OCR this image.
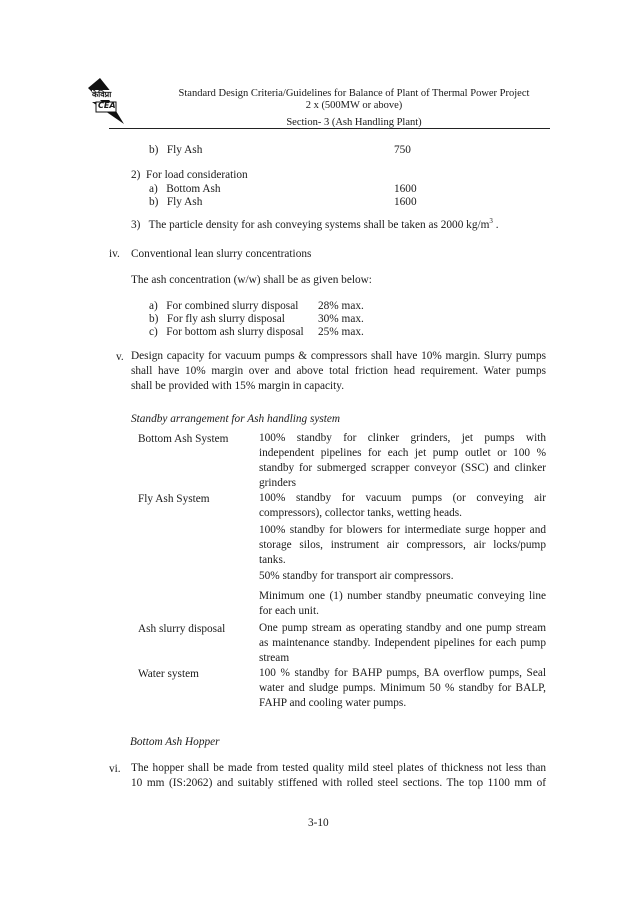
केविप्रा
CEA
Standard Design Criteria/Guidelines for Balance of Plant of Thermal Power Project
2 x (500MW or above)
Section- 3 (Ash Handling Plant)
b)   Fly Ash	750
2)  For load consideration
a)   Bottom Ash	1600
b)   Fly Ash	1600
3)   The particle density for ash conveying systems shall be taken as 2000 $kg/m^3$ .
iv. Conventional lean slurry concentrations
The ash concentration (w/w) shall be as given below:
a)   For combined slurry disposal 28% max.
b)   For fly ash slurry disposal	30% max.
c)   For bottom ash slurry disposal 25% max.
v. Design capacity for vacuum pumps & compressors shall have 10% margin. Slurry pumps
shall have 10% margin over and above total friction head requirement. Water pumps
shall be provided with 15% margin in capacity.
Standby arrangement for Ash handling system
Bottom Ash System	100% standby for clinker grinders, jet pumps with
independent pipelines for each jet pump outlet or 100 %
standby for submerged scrapper conveyor (SSC) and clinker
grinders
Fly Ash System	100% standby for vacuum pumps (or conveying air
compressors), collector tanks, wetting heads.
100% standby for blowers for intermediate surge hopper and
storage silos, instrument air compressors, air locks/pump
tanks.
50% standby for transport air compressors.
Minimum one (1) number standby pneumatic conveying line
for each unit.
Ash slurry disposal	One pump stream as operating standby and one pump stream
as maintenance standby. Independent pipelines for each pump
stream
Water system	100 % standby for BAHP pumps, BA overflow pumps, Seal
water and sludge pumps. Minimum 50 % standby for BALP,
FAHP and cooling water pumps.
Bottom Ash Hopper
vi. The hopper shall be made from tested quality mild steel plates of thickness not less than
10 mm (IS:2062) and suitably stiffened with rolled steel sections. The top 1100 mm of
3-10
